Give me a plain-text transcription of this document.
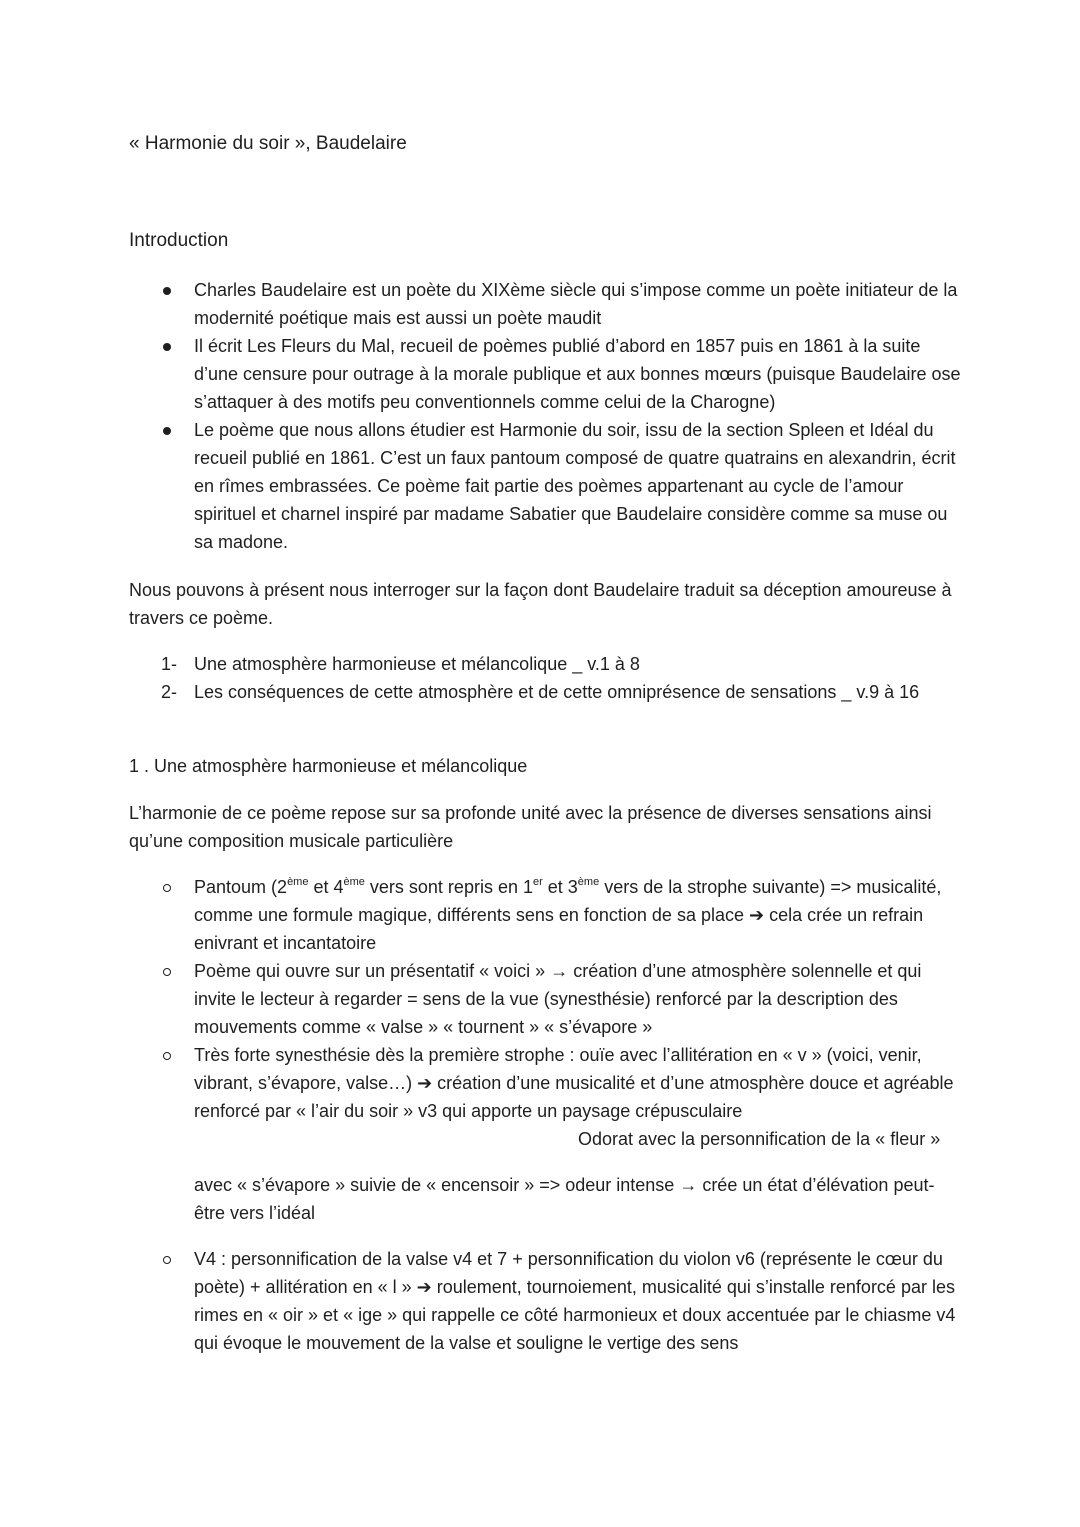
« Harmonie du soir », Baudelaire
Introduction
Charles Baudelaire est un poète du XIXème siècle qui s’impose comme un poète initiateur de la modernité poétique mais est aussi un poète maudit
Il écrit Les Fleurs du Mal, recueil de poèmes publié d’abord en 1857 puis en 1861 à la suite d’une censure pour outrage à la morale publique et aux bonnes mœurs (puisque Baudelaire ose s’attaquer à des motifs peu conventionnels comme celui de la Charogne)
Le poème que nous allons étudier est Harmonie du soir, issu de la section Spleen et Idéal du recueil publié en 1861. C’est un faux pantoum composé de quatre quatrains en alexandrin, écrit en rîmes embrassées. Ce poème fait partie des poèmes appartenant au cycle de l’amour spirituel et charnel inspiré par madame Sabatier que Baudelaire considère comme sa muse ou sa madone.
Nous pouvons à présent nous interroger sur la façon dont Baudelaire traduit sa déception amoureuse à travers ce poème.
1- Une atmosphère harmonieuse et mélancolique _ v.1 à 8
2- Les conséquences de cette atmosphère et de cette omniprésence de sensations _ v.9 à 16
1 . Une atmosphère harmonieuse et mélancolique
L’harmonie de ce poème repose sur sa profonde unité avec la présence de diverses sensations ainsi qu’une composition musicale particulière
Pantoum (2ème et 4ème vers sont repris en 1er et 3ème vers de la strophe suivante) => musicalité, comme une formule magique, différents sens en fonction de sa place ➔ cela crée un refrain enivrant et incantatoire
Poème qui ouvre sur un présentatif « voici » → création d’une atmosphère solennelle et qui invite le lecteur à regarder = sens de la vue (synesthésie) renforcé par la description des mouvements comme « valse » « tournent » « s’évapore »
Très forte synesthésie dès la première strophe : ouïe avec l’allitération en « v » (voici, venir, vibrant, s’évapore, valse…) ➔ création d’une musicalité et d’une atmosphère douce et agréable renforcé par « l’air du soir » v3 qui apporte un paysage crépusculaire
Odorat avec la personnification de la « fleur »
avec « s’évapore » suivie de « encensoir » => odeur intense → crée un état d’élévation peut-être vers l’idéal
V4 : personnification de la valse v4 et 7 + personnification du violon v6 (représente le cœur du poète) + allitération en « l » ➔ roulement, tournoiement, musicalité qui s’installe renforcé par les rimes en « oir » et « ige » qui rappelle ce côté harmonieux et doux accentuée par le chiasme v4 qui évoque le mouvement de la valse et souligne le vertige des sens
